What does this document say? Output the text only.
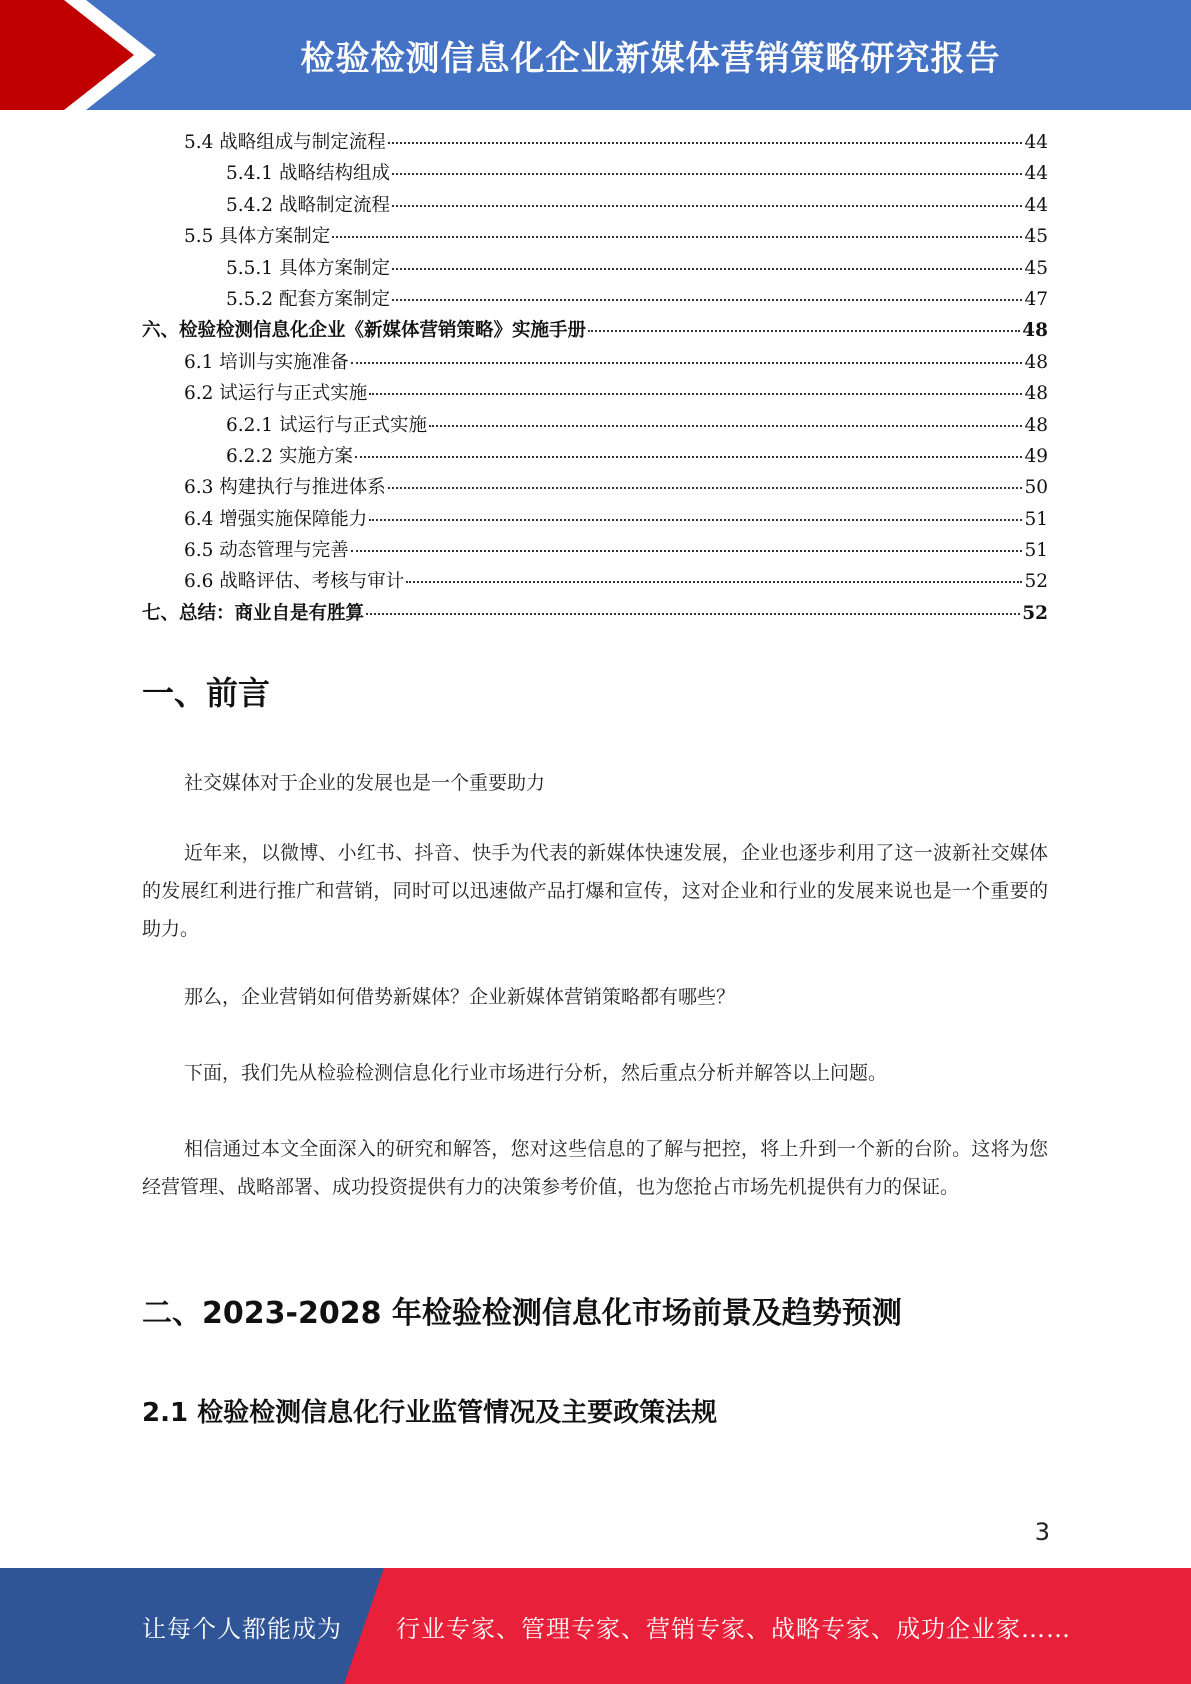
检验检测信息化企业新媒体营销策略研究报告
5.4 战略组成与制定流程	44
5.4.1 战略结构组成	44
5.4.2 战略制定流程	44
5.5 具体方案制定	45
5.5.1 具体方案制定	45
5.5.2 配套方案制定	47
六、检验检测信息化企业《新媒体营销策略》实施手册	48
6.1 培训与实施准备	48
6.2 试运行与正式实施	48
6.2.1 试运行与正式实施	48
6.2.2 实施方案	49
6.3 构建执行与推进体系	50
6.4 增强实施保障能力	51
6.5 动态管理与完善	51
6.6 战略评估、考核与审计	52
七、总结：商业自是有胜算	52
一、前言
社交媒体对于企业的发展也是一个重要助力
近年来，以微博、小红书、抖音、快手为代表的新媒体快速发展，企业也逐步利用了这一波新社交媒体的发展红利进行推广和营销，同时可以迅速做产品打爆和宣传，这对企业和行业的发展来说也是一个重要的助力。
那么，企业营销如何借势新媒体？企业新媒体营销策略都有哪些？
下面，我们先从检验检测信息化行业市场进行分析，然后重点分析并解答以上问题。
相信通过本文全面深入的研究和解答，您对这些信息的了解与把控，将上升到一个新的台阶。这将为您经营管理、战略部署、成功投资提供有力的决策参考价值，也为您抢占市场先机提供有力的保证。
二、2023-2028 年检验检测信息化市场前景及趋势预测
2.1 检验检测信息化行业监管情况及主要政策法规
3
让每个人都能成为 行业专家、管理专家、营销专家、战略专家、成功企业家……
